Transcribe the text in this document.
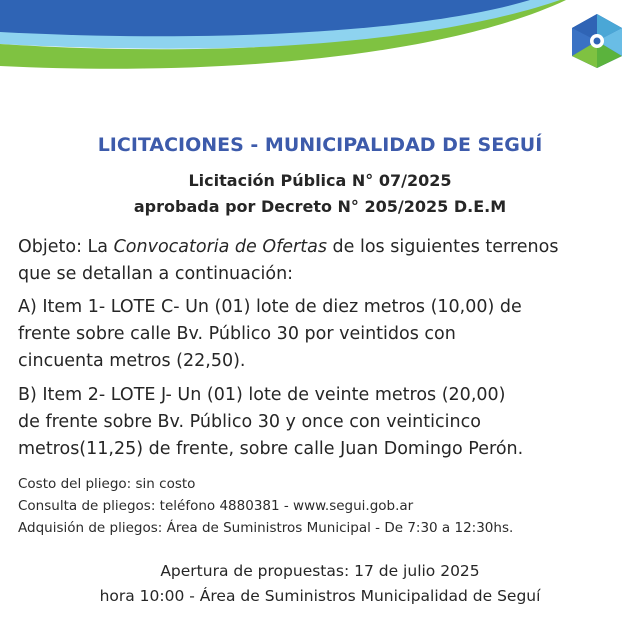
LICITACIONES - MUNICIPALIDAD DE SEGUÍ
Licitación Pública N° 07/2025
aprobada por Decreto N° 205/2025 D.E.M
Objeto: La Convocatoria de Ofertas de los siguientes terrenos
que se detallan a continuación:
A) Item 1- LOTE C- Un (01) lote de diez metros (10,00) de
frente sobre calle Bv. Público 30 por veintidos con
cincuenta metros (22,50).
B) Item 2- LOTE J- Un (01) lote de veinte metros (20,00)
de frente sobre Bv. Público 30 y once con veinticinco
metros(11,25) de frente, sobre calle Juan Domingo Perón.
Costo del pliego: sin costo
Consulta de pliegos: teléfono 4880381 - www.segui.gob.ar
Adquisión de pliegos: Área de Suministros Municipal - De 7:30 a 12:30hs.
Apertura de propuestas: 17 de julio 2025
hora 10:00 - Área de Suministros Municipalidad de Seguí
